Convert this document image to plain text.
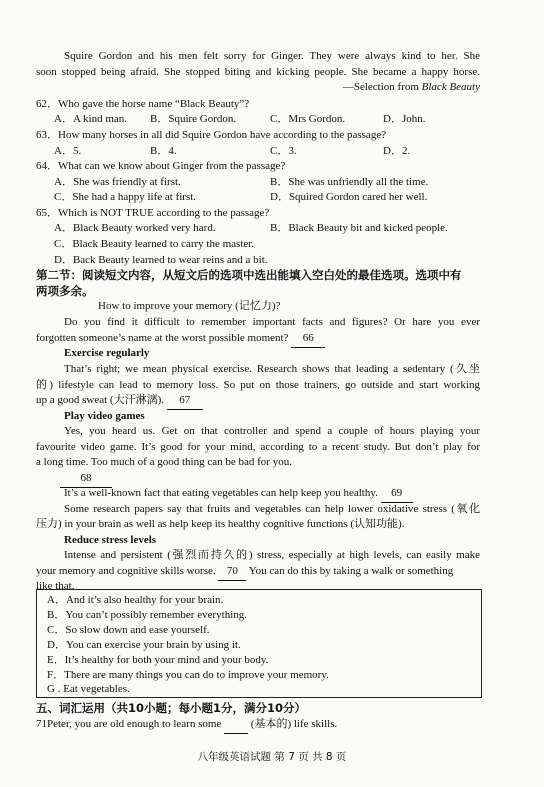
Squire Gordon and his men felt sorry for Ginger. They were always kind to her. She
soon stopped being afraid. She stopped biting and kicking people. She became a happy horse.
—Selection from Black Beauty
62．Who gave the horse name “Black Beauty”?
A．A kind man.	B．Squire Gordon.	C．Mrs Gordon.	D．John.
63．How many horses in all did Squire Gordon have according to the passage?
A．5.	B．4.	C．3.	D．2.
64．What can we know about Ginger from the passage?
A．She was friendly at first.	B．She was unfriendly all the time.
C．She had a happy life at first.	D．Squired Gordon cared her well.
65．Which is NOT TRUE according to the passage?
A．Black Beauty worked very hard.	B．Black Beauty bit and kicked people.
C．Black Beauty learned to carry the master.
D．Back Beauty learned to wear reins and a bit.
第二节：阅读短文内容，从短文后的选项中选出能填入空白处的最佳选项。选项中有
两项多余。
How to improve your memory (记忆力)?
Do you find it difficult to remember important facts and figures? Or hare you ever
forgotten someone’s name at the worst possible moment? 66
Exercise regularly
That’s right; we mean physical exercise. Research shows that leading a sedentary (久坐
的) lifestyle can lead to memory loss. So put on those trainers, go outside and start working
up a good sweat (大汗淋漓). 67
Play video games
Yes, you heard us. Get on that controller and spend a couple of hours playing your
favourite video game. It’s good for your mind, according to a recent study. But don’t play for
a long time. Too much of a good thing can be bad for you.
68
It’s a well-known fact that eating vegetables can help keep you healthy. 69
Some research papers say that fruits and vegetables can help lower oxidative stress (氧化
压力) in your brain as well as help keep its healthy cognitive functions (认知功能).
Reduce stress levels
Intense and persistent (强烈而持久的) stress, especially at high levels, can easily make
your memory and cognitive skills worse. 70 You can do this by taking a walk or something
like that.
A．And it’s also healthy for your brain.
B．You can’t possibly remember everything.
C．So slow down and ease yourself.
D．You can exercise your brain by using it.
E．It’s healthy for both your mind and your body.
F．There are many things you can do to improve your memory.
G . Eat vegetables.
五、词汇运用（共10小题；每小题1分，满分10分）
71Peter, you are old enough to learn some	(基本的) life skills.
八年级英语试题 第 7 页 共 8 页
